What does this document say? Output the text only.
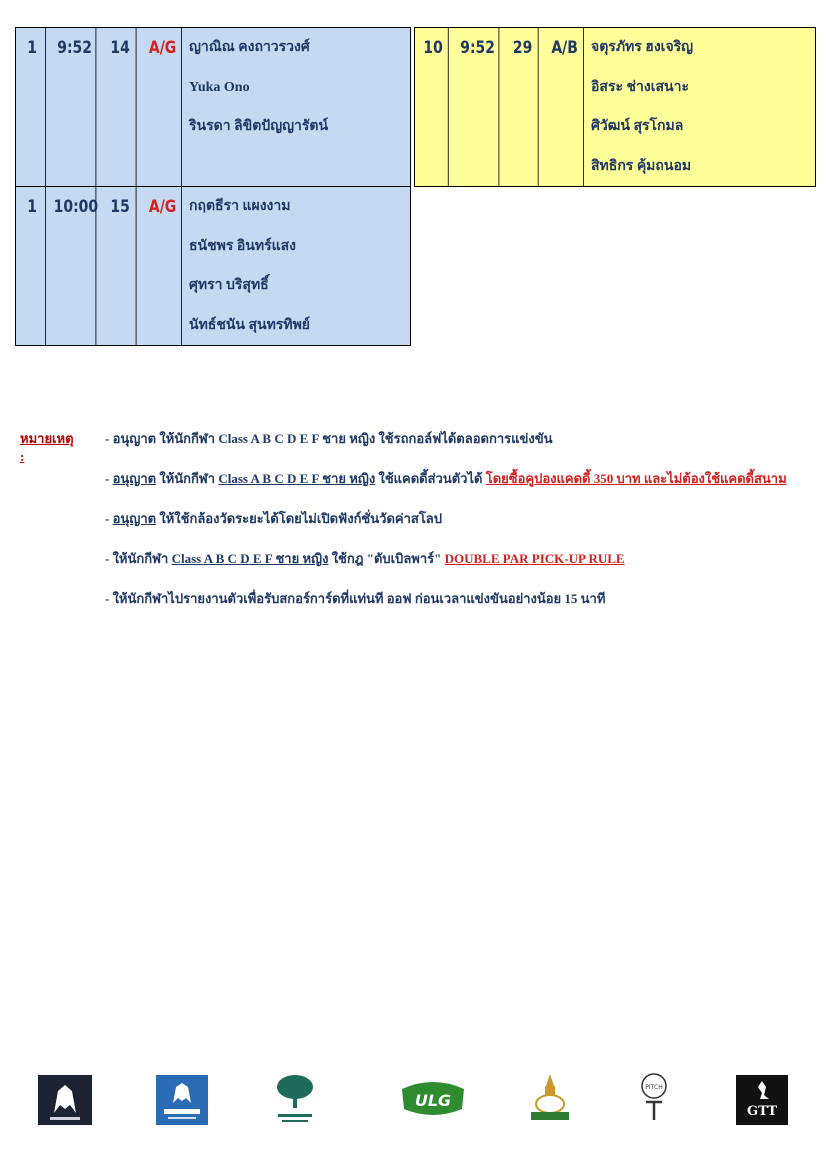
1	9:52	14	A/G ญาณิณ คงถาวรวงศ์
Yuka Ono
รินรดา ลิขิตปัญญารัตน์
1 10:00 15	A/G กฤตธีรา แผงงาม
ธนัชพร อินทร์แสง
ศุทรา บริสุทธิ์
นัทธ์ชนัน สุนทรทิพย์
10	9:52	29	A/B จตุรภัทร ฮงเจริญ
อิสระ ช่างเสนาะ
ศิวัฒน์ สุรโกมล
สิทธิกร คุ้มถนอม
หมายเหตุ :
- อนุญาต ให้นักกีฬา Class A B C D E F ชาย หญิง ใช้รถกอล์ฟได้ตลอดการแข่งขัน
- อนุญาต ให้นักกีฬา Class A B C D E F ชาย หญิง ใช้แคดดี้ส่วนตัวได้ โดยซื้อคูปองแคดดี้ 350 บาท และไม่ต้องใช้แคดดี้สนาม
- อนุญาต ให้ใช้กล้องวัดระยะได้โดยไม่เปิดฟังก์ชั่นวัดค่าสโลป
- ให้นักกีฬา Class A B C D E F ชาย หญิง ใช้กฎ "ดับเบิลพาร์" DOUBLE PAR PICK-UP RULE
- ให้นักกีฬาไปรายงานตัวเพื่อรับสกอร์การ์ดที่แท่นที ออฟ ก่อนเวลาแข่งขันอย่างน้อย 15 นาที
ULG
PITCH
GTT
